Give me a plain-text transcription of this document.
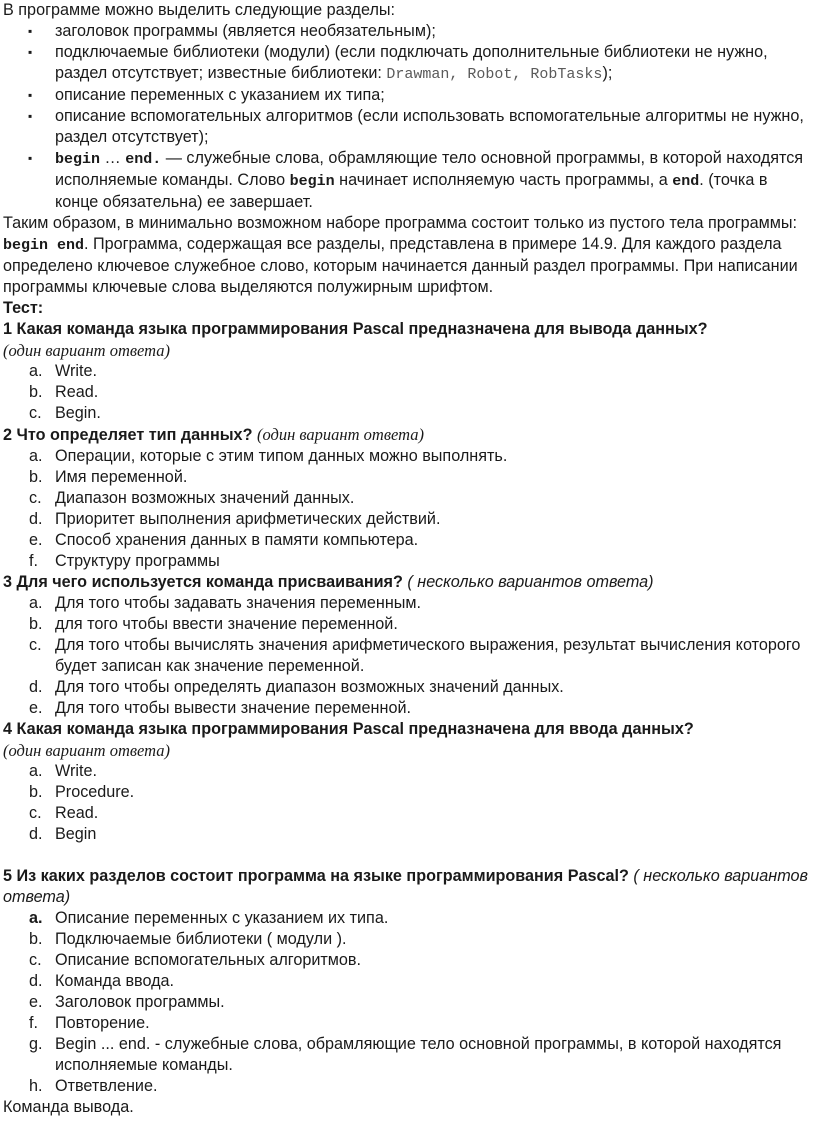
В программе можно выделить следующие разделы:

▪ заголовок программы (является необязательным);
▪ подключаемые библиотеки (модули) (если подключать дополнительные библиотеки не нужно, раздел отсутствует; известные библиотеки: Drawman, Robot, RobTasks);
▪ описание переменных с указанием их типа;
▪ описание вспомогательных алгоритмов (если использовать вспомогательные алгоритмы не нужно, раздел отсутствует);
▪ begin … end. — служебные слова, обрамляющие тело основной программы, в которой находятся исполняемые команды. Слово begin начинает исполняемую часть программы, а end. (точка в конце обязательна) ее завершает.

Таким образом, в минимально возможном наборе программа состоит только из пустого тела программы: begin end. Программа, содержащая все разделы, представлена в примере 14.9. Для каждого раздела определено ключевое служебное слово, которым начинается данный раздел программы. При написании программы ключевые слова выделяются полужирным шрифтом.

Тест:

1 Какая команда языка программирования Pascal предназначена для вывода данных?

(один вариант ответа)

a. Write.
b. Read.
c. Begin.

2 Что определяет тип данных? (один вариант ответа)

a. Операции, которые с этим типом данных можно выполнять.
b. Имя переменной.
c. Диапазон возможных значений данных.
d. Приоритет выполнения арифметических действий.
e. Способ хранения данных в памяти компьютера.
f. Структуру программы

3 Для чего используется команда присваивания? ( несколько вариантов ответа)

a. Для того чтобы задавать значения переменным.
b. для того чтобы ввести значение переменной.
c. Для того чтобы вычислять значения арифметического выражения, результат вычисления которого будет записан как значение переменной.
d. Для того чтобы определять диапазон возможных значений данных.
e. Для того чтобы вывести значение переменной.

4 Какая команда языка программирования Pascal предназначена для ввода данных?

(один вариант ответа)

a. Write.
b. Procedure.
c. Read.
d. Begin

5 Из каких разделов состоит программа на языке программирования Pascal? ( несколько вариантов ответа)

a. Описание переменных с указанием их типа.
b. Подключаемые библиотеки ( модули ).
c. Описание вспомогательных алгоритмов.
d. Команда ввода.
e. Заголовок программы.
f. Повторение.
g. Begin ... end. - служебные слова, обрамляющие тело основной программы, в которой находятся исполняемые команды.
h. Ответвление.

Команда вывода.
